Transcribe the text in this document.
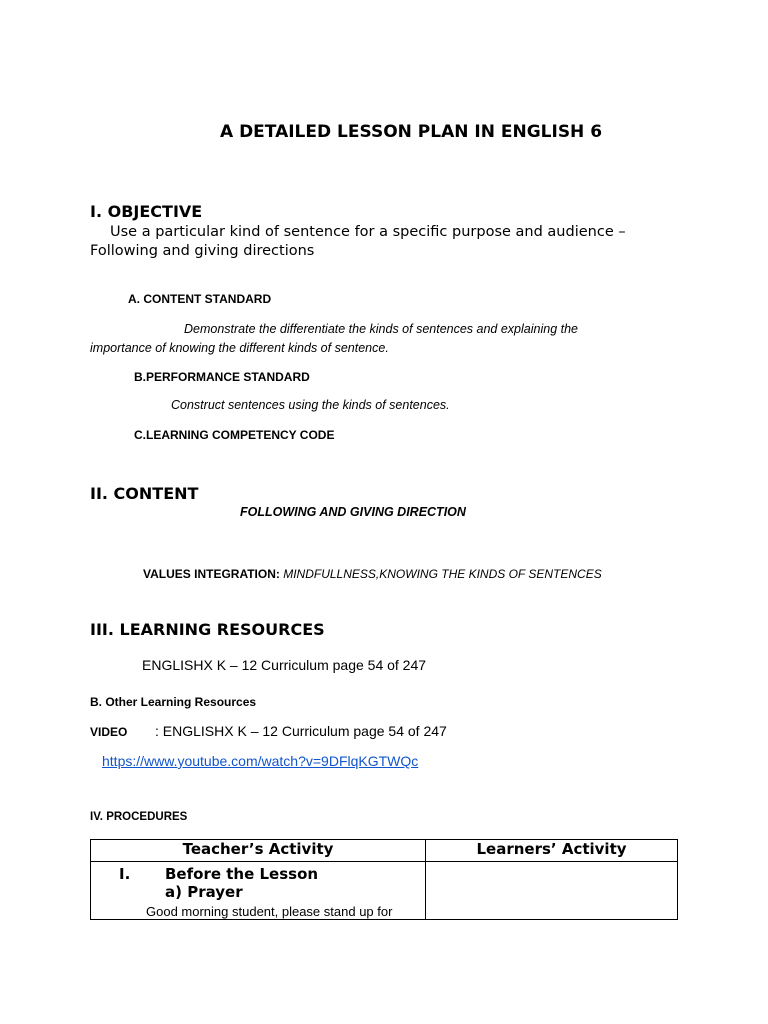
A DETAILED LESSON PLAN IN ENGLISH 6
I. OBJECTIVE
Use a particular kind of sentence for a specific purpose and audience –
Following and giving directions
A. CONTENT STANDARD
Demonstrate the differentiate the kinds of sentences and explaining the
importance of knowing the different kinds of sentence.
B.PERFORMANCE STANDARD
Construct sentences using the kinds of sentences.
C.LEARNING COMPETENCY CODE
II. CONTENT
FOLLOWING AND GIVING DIRECTION
VALUES INTEGRATION: MINDFULLNESS,KNOWING THE KINDS OF SENTENCES
III. LEARNING RESOURCES
ENGLISHX K – 12 Curriculum page 54 of 247
B. Other Learning Resources
VIDEO : ENGLISHX K – 12 Curriculum page 54 of 247
https://www.youtube.com/watch?v=9DFlqKGTWQc
IV. PROCEDURES
Teacher’s Activity	Learners’ Activity

I. Before the Lesson
a) Prayer
Good morning student, please stand up for	
